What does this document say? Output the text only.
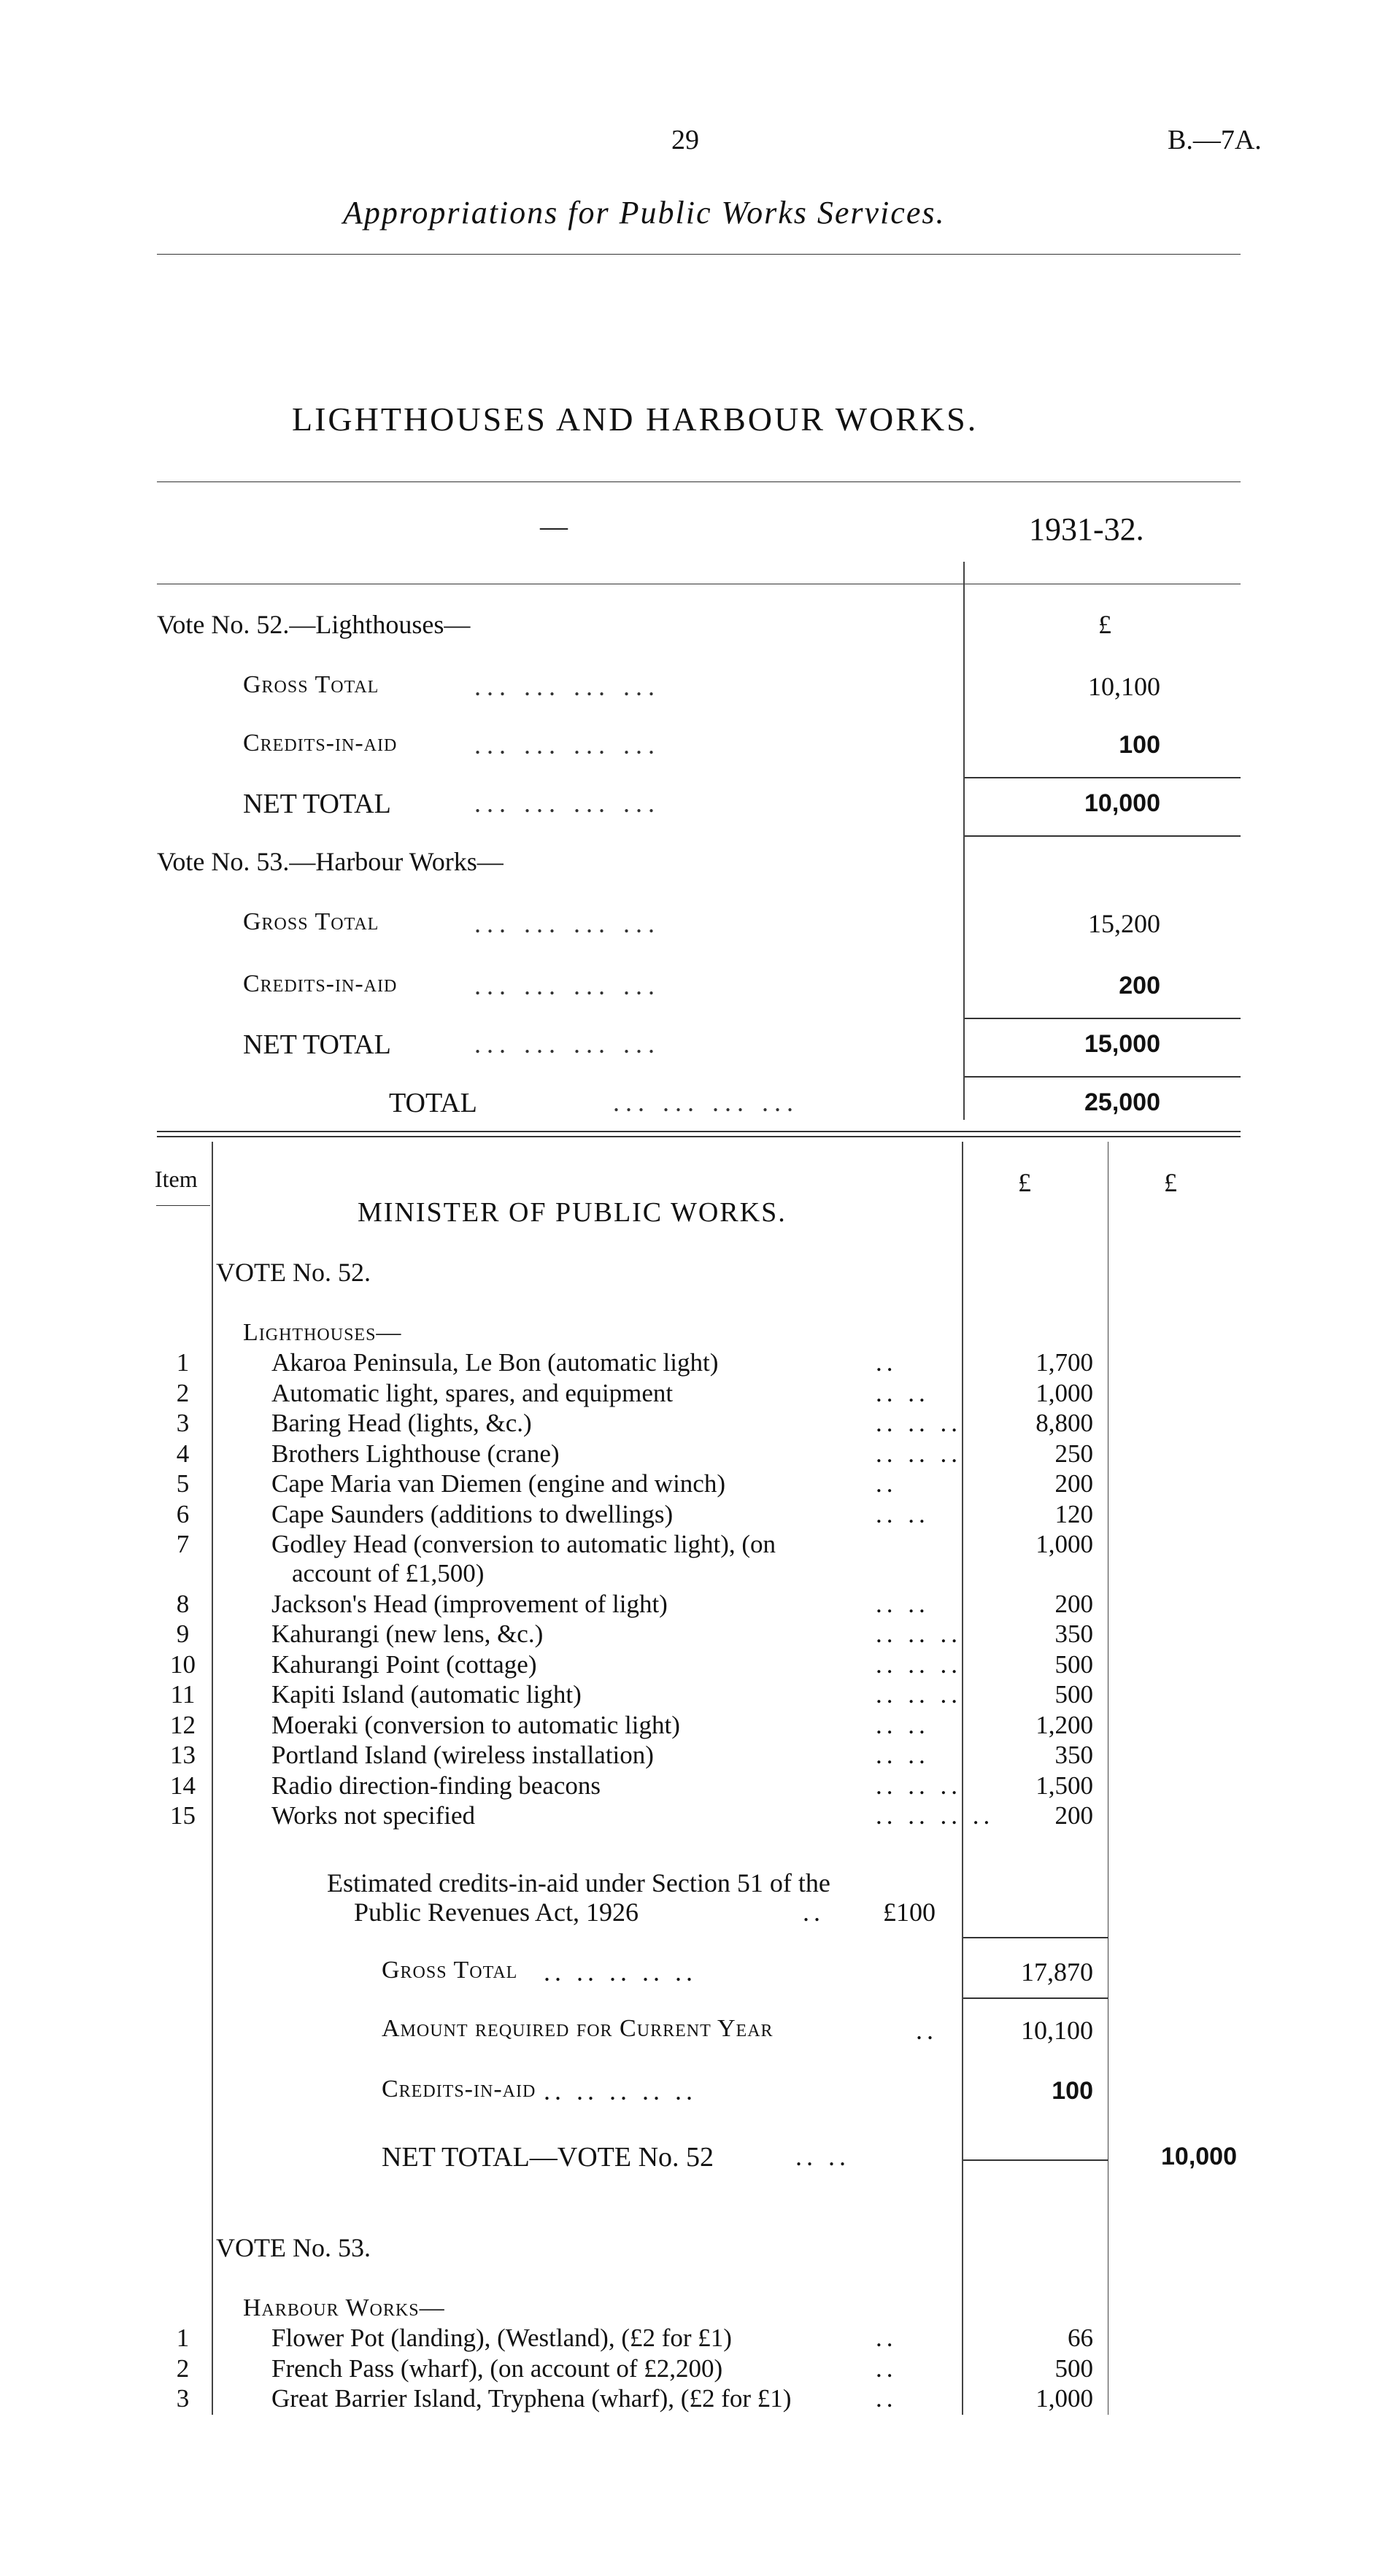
29	B.—7A.
Appropriations for Public Works Services.
LIGHTHOUSES AND HARBOUR WORKS.
—	1931-32.
£
Vote No. 52.—Lighthouses—
Gross Total	... ... ... ...	10,100
Credits-in-aid	... ... ... ...	100
NET TOTAL	... ... ... ...	10,000
Vote No. 53.—Harbour Works—
Gross Total	... ... ... ...	15,200
Credits-in-aid	... ... ... ...	200
NET TOTAL	... ... ... ...	15,000
TOTAL	... ... ... ...	25,000
Item	£	£
MINISTER OF PUBLIC WORKS.
VOTE No. 52.
Lighthouses—
1	Akaroa Peninsula, Le Bon (automatic light)	..	1,700
2	Automatic light, spares, and equipment	.. ..	1,000
3	Baring Head (lights, &c.)	.. .. ..	8,800
4	Brothers Lighthouse (crane)	.. .. ..	250
5	Cape Maria van Diemen (engine and winch)	..	200
6	Cape Saunders (additions to dwellings)	.. ..	120
7	Godley Head (conversion to automatic light), (on	1,000
account of £1,500)
8	Jackson's Head (improvement of light)	.. ..	200
9	Kahurangi (new lens, &c.)	.. .. ..	350
10	Kahurangi Point (cottage)	.. .. ..	500
11	Kapiti Island (automatic light)	.. .. ..	500
12	Moeraki (conversion to automatic light)	.. ..	1,200
13	Portland Island (wireless installation)	.. ..	350
14	Radio direction-finding beacons	.. .. ..	1,500
15	Works not specified	.. .. .. ..	200
Estimated credits-in-aid under Section 51 of the
Public Revenues Act, 1926	.. £100
Gross Total .. .. .. .. ..	17,870
Amount required for Current Year	..	10,100
Credits-in-aid .. .. .. .. ..	100
NET TOTAL—VOTE No. 52	.. ..	10,000
VOTE No. 53.
Harbour Works—
1	Flower Pot (landing), (Westland), (£2 for £1)	..	66
2	French Pass (wharf), (on account of £2,200)	..	500
3	Great Barrier Island, Tryphena (wharf), (£2 for £1)	..	1,000
